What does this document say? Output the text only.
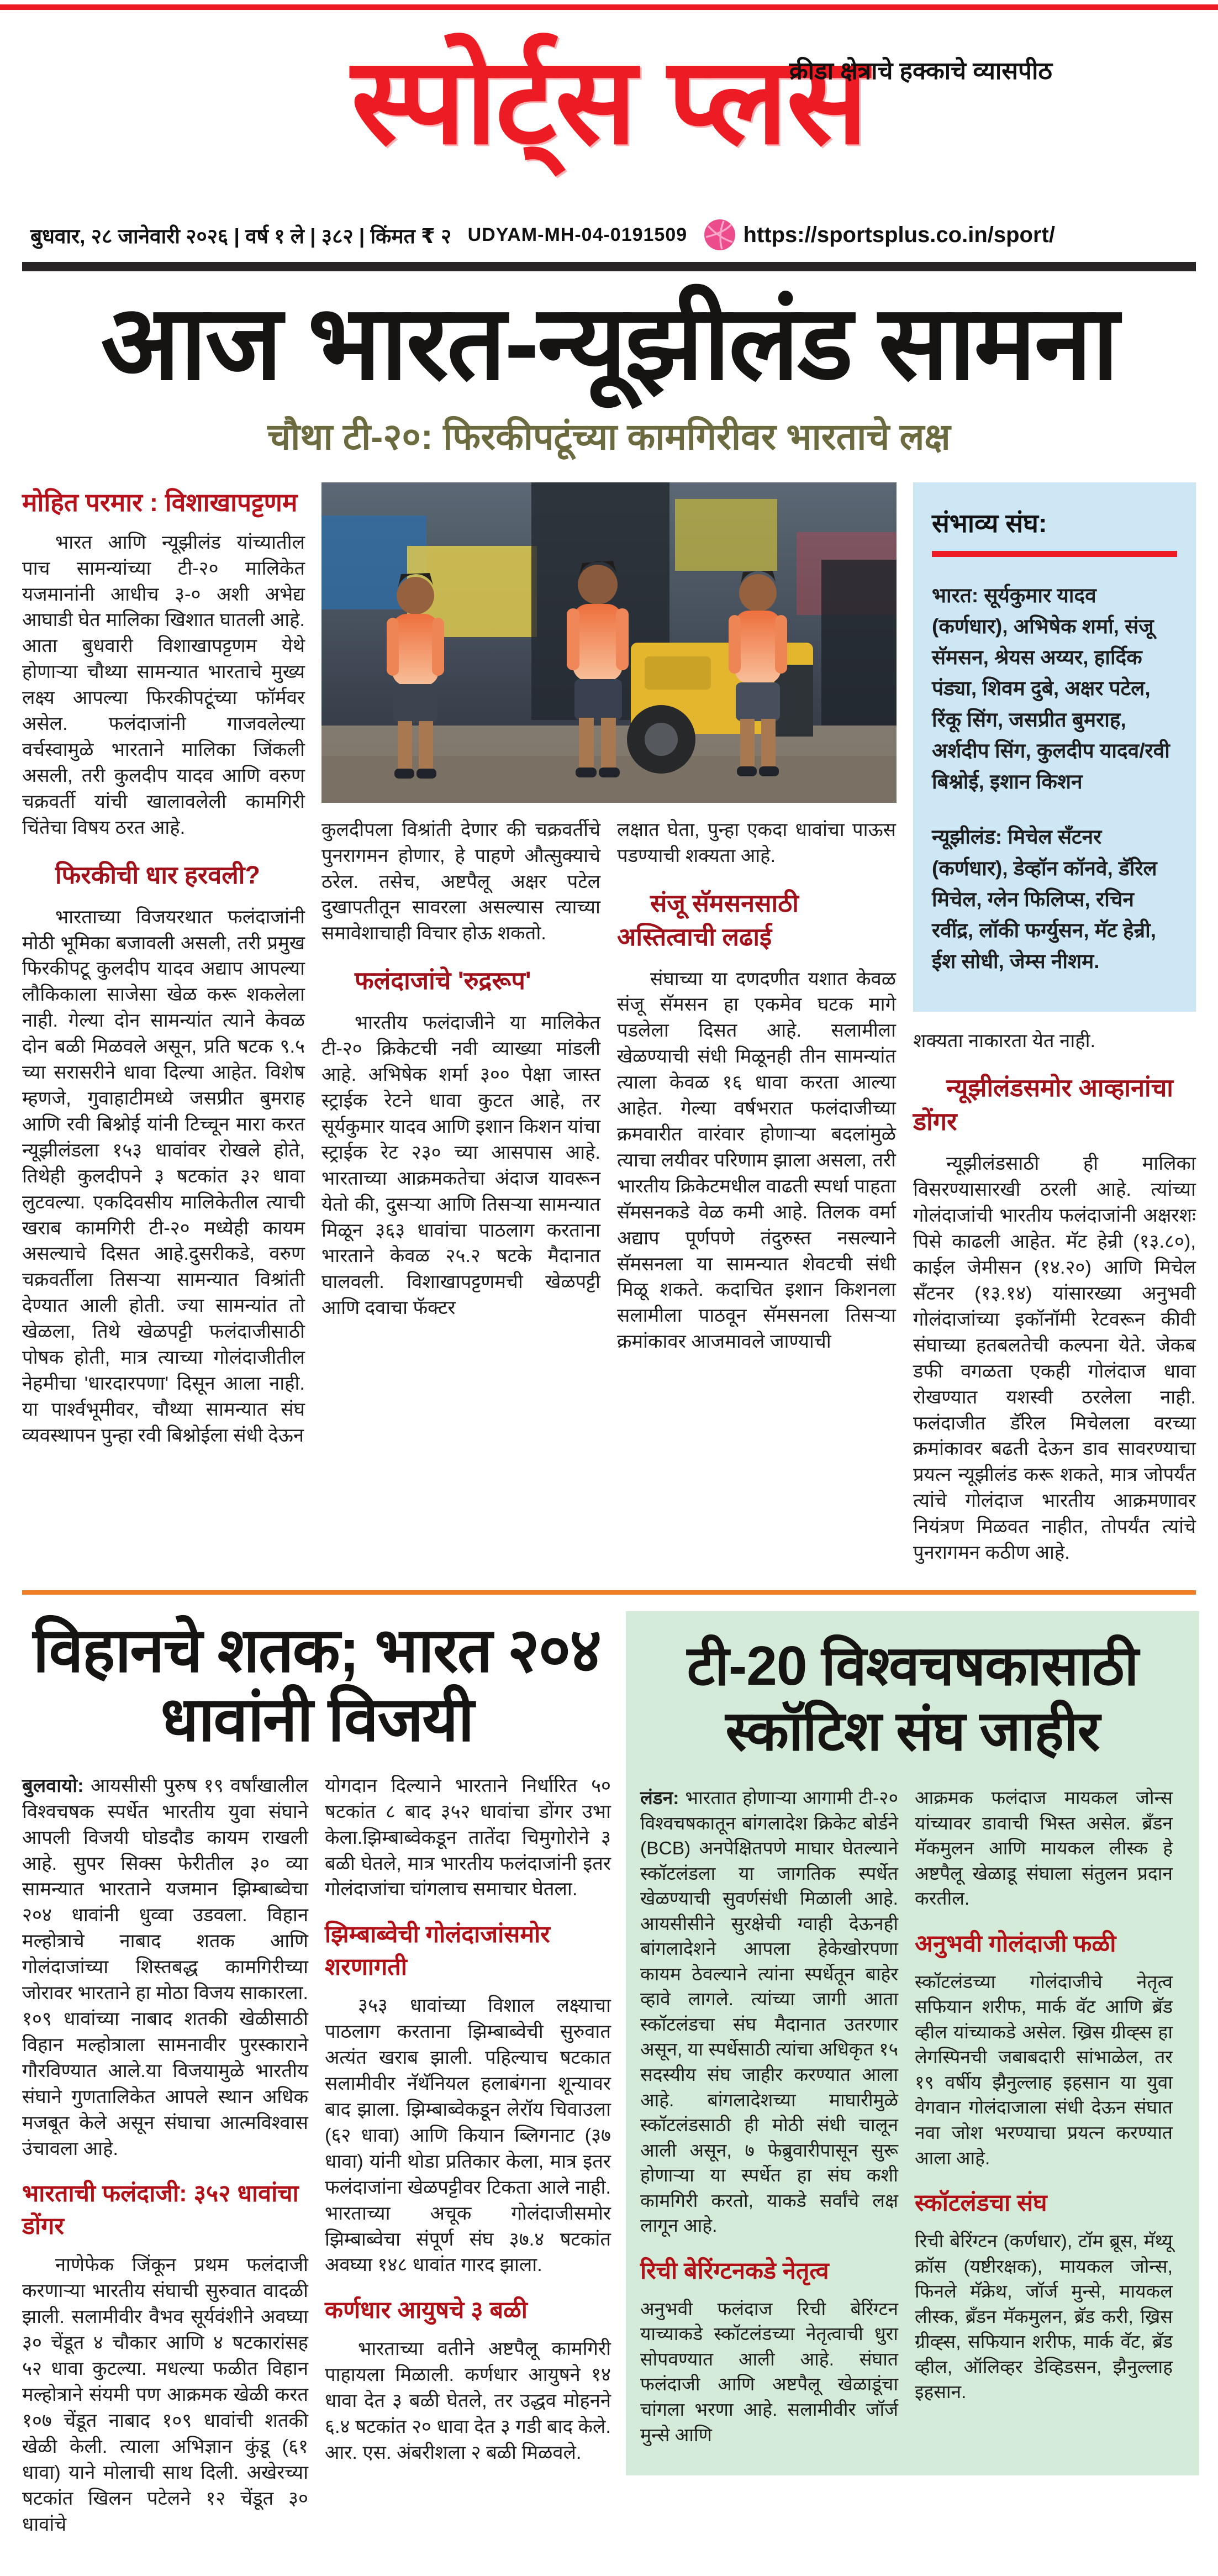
क्रीडा क्षेत्राचे हक्काचे व्यासपीठ
स्पोर्ट्स प्लस
बुधवार, २८ जानेवारी २०२६ | वर्ष १ ले | ३८२ | किंमत ₹ २ UDYAM-MH-04-0191509	https://sportsplus.co.in/sport/
आज भारत-न्यूझीलंड सामना
चौथा टी-२०: फिरकीपटूंच्या कामगिरीवर भारताचे लक्ष
मोहित परमार : विशाखापट्टणम

भारत आणि न्यूझीलंड यांच्यातील पाच सामन्यांच्या टी-२० मालिकेत यजमानांनी आधीच ३-० अशी अभेद्य आघाडी घेत मालिका खिशात घातली आहे. आता बुधवारी विशाखापट्टणम येथे होणाऱ्या चौथ्या सामन्यात भारताचे मुख्य लक्ष्य आपल्या फिरकीपटूंच्या फॉर्मवर असेल. फलंदाजांनी गाजवलेल्या वर्चस्वामुळे भारताने मालिका जिंकली असली, तरी कुलदीप यादव आणि वरुण चक्रवर्ती यांची खालावलेली कामगिरी चिंतेचा विषय ठरत आहे.

फिरकीची धार हरवली?

भारताच्या विजयरथात फलंदाजांनी मोठी भूमिका बजावली असली, तरी प्रमुख फिरकीपटू कुलदीप यादव अद्याप आपल्या लौकिकाला साजेसा खेळ करू शकलेला नाही. गेल्या दोन सामन्यांत त्याने केवळ दोन बळी मिळवले असून, प्रति षटक ९.५ च्या सरासरीने धावा दिल्या आहेत. विशेष म्हणजे, गुवाहाटीमध्ये जसप्रीत बुमराह आणि रवी बिश्नोई यांनी टिच्चून मारा करत न्यूझीलंडला १५३ धावांवर रोखले होते, तिथेही कुलदीपने ३ षटकांत ३२ धावा लुटवल्या. एकदिवसीय मालिकेतील त्याची खराब कामगिरी टी-२० मध्येही कायम असल्याचे दिसत आहे.दुसरीकडे, वरुण चक्रवर्तीला तिसऱ्या सामन्यात विश्रांती देण्यात आली होती. ज्या सामन्यांत तो खेळला, तिथे खेळपट्टी फलंदाजीसाठी पोषक होती, मात्र त्याच्या गोलंदाजीतील नेहमीचा 'धारदारपणा' दिसून आला नाही. या पार्श्वभूमीवर, चौथ्या सामन्यात संघ व्यवस्थापन पुन्हा रवी बिश्नोईला संधी देऊन

कुलदीपला विश्रांती देणार की चक्रवर्तीचे पुनरागमन होणार, हे पाहणे औत्सुक्याचे ठरेल. तसेच, अष्टपैलू अक्षर पटेल दुखापतीतून सावरला असल्यास त्याच्या समावेशाचाही विचार होऊ शकतो.

फलंदाजांचे 'रुद्ररूप'

भारतीय फलंदाजीने या मालिकेत टी-२० क्रिकेटची नवी व्याख्या मांडली आहे. अभिषेक शर्मा ३०० पेक्षा जास्त स्ट्राईक रेटने धावा कुटत आहे, तर सूर्यकुमार यादव आणि इशान किशन यांचा स्ट्राईक रेट २३० च्या आसपास आहे. भारताच्या आक्रमकतेचा अंदाज यावरून येतो की, दुसऱ्या आणि तिसऱ्या सामन्यात मिळून ३६३ धावांचा पाठलाग करताना भारताने केवळ २५.२ षटके मैदानात घालवली. विशाखापट्टणमची खेळपट्टी आणि दवाचा फॅक्टर

लक्षात घेता, पुन्हा एकदा धावांचा पाऊस पडण्याची शक्यता आहे.

संजू सॅमसनसाठी अस्तित्वाची लढाई

संघाच्या या दणदणीत यशात केवळ संजू सॅमसन हा एकमेव घटक मागे पडलेला दिसत आहे. सलामीला खेळण्याची संधी मिळूनही तीन सामन्यांत त्याला केवळ १६ धावा करता आल्या आहेत. गेल्या वर्षभरात फलंदाजीच्या क्रमवारीत वारंवार होणाऱ्या बदलांमुळे त्याचा लयीवर परिणाम झाला असला, तरी भारतीय क्रिकेटमधील वाढती स्पर्धा पाहता सॅमसनकडे वेळ कमी आहे. तिलक वर्मा अद्याप पूर्णपणे तंदुरुस्त नसल्याने सॅमसनला या सामन्यात शेवटची संधी मिळू शकते. कदाचित इशान किशनला सलामीला पाठवून सॅमसनला तिसऱ्या क्रमांकावर आजमावले जाण्याची

संभाव्य संघ:

भारत: सूर्यकुमार यादव (कर्णधार), अभिषेक शर्मा, संजू सॅमसन, श्रेयस अय्यर, हार्दिक पंड्या, शिवम दुबे, अक्षर पटेल, रिंकू सिंग, जसप्रीत बुमराह, अर्शदीप सिंग, कुलदीप यादव/रवी बिश्नोई, इशान किशन

न्यूझीलंड: मिचेल सँटनर (कर्णधार), डेव्हॉन कॉनवे, डॅरिल मिचेल, ग्लेन फिलिप्स, रचिन रवींद्र, लॉकी फर्ग्युसन, मॅट हेन्री, ईश सोधी, जेम्स नीशम.

शक्यता नाकारता येत नाही.

न्यूझीलंडसमोर आव्हानांचा डोंगर

न्यूझीलंडसाठी ही मालिका विसरण्यासारखी ठरली आहे. त्यांच्या गोलंदाजांची भारतीय फलंदाजांनी अक्षरशः पिसे काढली आहेत. मॅट हेन्री (१३.८०), काईल जेमीसन (१४.२०) आणि मिचेल सँटनर (१३.१४) यांसारख्या अनुभवी गोलंदाजांच्या इकॉनॉमी रेटवरून कीवी संघाच्या हतबलतेची कल्पना येते. जेकब डफी वगळता एकही गोलंदाज धावा रोखण्यात यशस्वी ठरलेला नाही. फलंदाजीत डॅरिल मिचेलला वरच्या क्रमांकावर बढती देऊन डाव सावरण्याचा प्रयत्न न्यूझीलंड करू शकते, मात्र जोपर्यंत त्यांचे गोलंदाज भारतीय आक्रमणावर नियंत्रण मिळवत नाहीत, तोपर्यंत त्यांचे पुनरागमन कठीण आहे.

विहानचे शतक; भारत २०४ धावांनी विजयी

बुलवायो: आयसीसी पुरुष १९ वर्षांखालील विश्वचषक स्पर्धेत भारतीय युवा संघाने आपली विजयी घोडदौड कायम राखली आहे. सुपर सिक्स फेरीतील ३० व्या सामन्यात भारताने यजमान झिम्बाब्वेचा २०४ धावांनी धुव्वा उडवला. विहान मल्होत्राचे नाबाद शतक आणि गोलंदाजांच्या शिस्तबद्ध कामगिरीच्या जोरावर भारताने हा मोठा विजय साकारला. १०९ धावांच्या नाबाद शतकी खेळीसाठी विहान मल्होत्राला सामनावीर पुरस्काराने गौरविण्यात आले.या विजयामुळे भारतीय संघाने गुणतालिकेत आपले स्थान अधिक मजबूत केले असून संघाचा आत्मविश्वास उंचावला आहे.

भारताची फलंदाजी: ३५२ धावांचा डोंगर

नाणेफेक जिंकून प्रथम फलंदाजी करणाऱ्या भारतीय संघाची सुरुवात वादळी झाली. सलामीवीर वैभव सूर्यवंशीने अवघ्या ३० चेंडूत ४ चौकार आणि ४ षटकारांसह ५२ धावा कुटल्या. मधल्या फळीत विहान मल्होत्राने संयमी पण आक्रमक खेळी करत १०७ चेंडूत नाबाद १०९ धावांची शतकी खेळी केली. त्याला अभिज्ञान कुंडू (६१ धावा) याने मोलाची साथ दिली. अखेरच्या षटकांत खिलन पटेलने १२ चेंडूत ३० धावांचे

योगदान दिल्याने भारताने निर्धारित ५० षटकांत ८ बाद ३५२ धावांचा डोंगर उभा केला.झिम्बाब्वेकडून तातेंदा चिमुगोरोने ३ बळी घेतले, मात्र भारतीय फलंदाजांनी इतर गोलंदाजांचा चांगलाच समाचार घेतला.

झिम्बाब्वेची गोलंदाजांसमोर शरणागती

३५३ धावांच्या विशाल लक्ष्याचा पाठलाग करताना झिम्बाब्वेची सुरुवात अत्यंत खराब झाली. पहिल्याच षटकात सलामीवीर नॅथॅनियल हलाबंगना शून्यावर बाद झाला. झिम्बाब्वेकडून लेरॉय चिवाउला (६२ धावा) आणि कियान ब्लिगनाट (३७ धावा) यांनी थोडा प्रतिकार केला, मात्र इतर फलंदाजांना खेळपट्टीवर टिकता आले नाही. भारताच्या अचूक गोलंदाजीसमोर झिम्बाब्वेचा संपूर्ण संघ ३७.४ षटकांत अवघ्या १४८ धावांत गारद झाला.

कर्णधार आयुषचे ३ बळी

भारताच्या वतीने अष्टपैलू कामगिरी पाहायला मिळाली. कर्णधार आयुषने १४ धावा देत ३ बळी घेतले, तर उद्धव मोहनने ६.४ षटकांत २० धावा देत ३ गडी बाद केले. आर. एस. अंबरीशला २ बळी मिळवले.

टी-20 विश्वचषकासाठी स्कॉटिश संघ जाहीर

लंडन: भारतात होणाऱ्या आगामी टी-२० विश्वचषकातून बांगलादेश क्रिकेट बोर्डने (BCB) अनपेक्षितपणे माघार घेतल्याने स्कॉटलंडला या जागतिक स्पर्धेत खेळण्याची सुवर्णसंधी मिळाली आहे. आयसीसीने सुरक्षेची ग्वाही देऊनही बांगलादेशने आपला हेकेखोरपणा कायम ठेवल्याने त्यांना स्पर्धेतून बाहेर व्हावे लागले. त्यांच्या जागी आता स्कॉटलंडचा संघ मैदानात उतरणार असून, या स्पर्धेसाठी त्यांचा अधिकृत १५ सदस्यीय संघ जाहीर करण्यात आला आहे. बांगलादेशच्या माघारीमुळे स्कॉटलंडसाठी ही मोठी संधी चालून आली असून, ७ फेब्रुवारीपासून सुरू होणाऱ्या या स्पर्धेत हा संघ कशी कामगिरी करतो, याकडे सर्वांचे लक्ष लागून आहे.

रिची बेरिंग्टनकडे नेतृत्व

अनुभवी फलंदाज रिची बेरिंग्टन याच्याकडे स्कॉटलंडच्या नेतृत्वाची धुरा सोपवण्यात आली आहे. संघात फलंदाजी आणि अष्टपैलू खेळाडूंचा चांगला भरणा आहे. सलामीवीर जॉर्ज मुन्से आणि

आक्रमक फलंदाज मायकल जोन्स यांच्यावर डावाची भिस्त असेल. ब्रँडन मॅकमुलन आणि मायकल लीस्क हे अष्टपैलू खेळाडू संघाला संतुलन प्रदान करतील.

अनुभवी गोलंदाजी फळी

स्कॉटलंडच्या गोलंदाजीचे नेतृत्व सफियान शरीफ, मार्क वॅट आणि ब्रॅड व्हील यांच्याकडे असेल. ख्रिस ग्रीव्ह्स हा लेगस्पिनची जबाबदारी सांभाळेल, तर १९ वर्षीय झैनुल्लाह इहसान या युवा वेगवान गोलंदाजाला संधी देऊन संघात नवा जोश भरण्याचा प्रयत्न करण्यात आला आहे.

स्कॉटलंडचा संघ

रिची बेरिंग्टन (कर्णधार), टॉम ब्रूस, मॅथ्यू क्रॉस (यष्टीरक्षक), मायकल जोन्स, फिनले मॅक्रेथ, जॉर्ज मुन्से, मायकल लीस्क, ब्रँडन मॅकमुलन, ब्रॅड करी, ख्रिस ग्रीव्ह्स, सफियान शरीफ, मार्क वॅट, ब्रॅड व्हील, ऑलिव्हर डेव्हिडसन, झैनुल्लाह इहसान.
